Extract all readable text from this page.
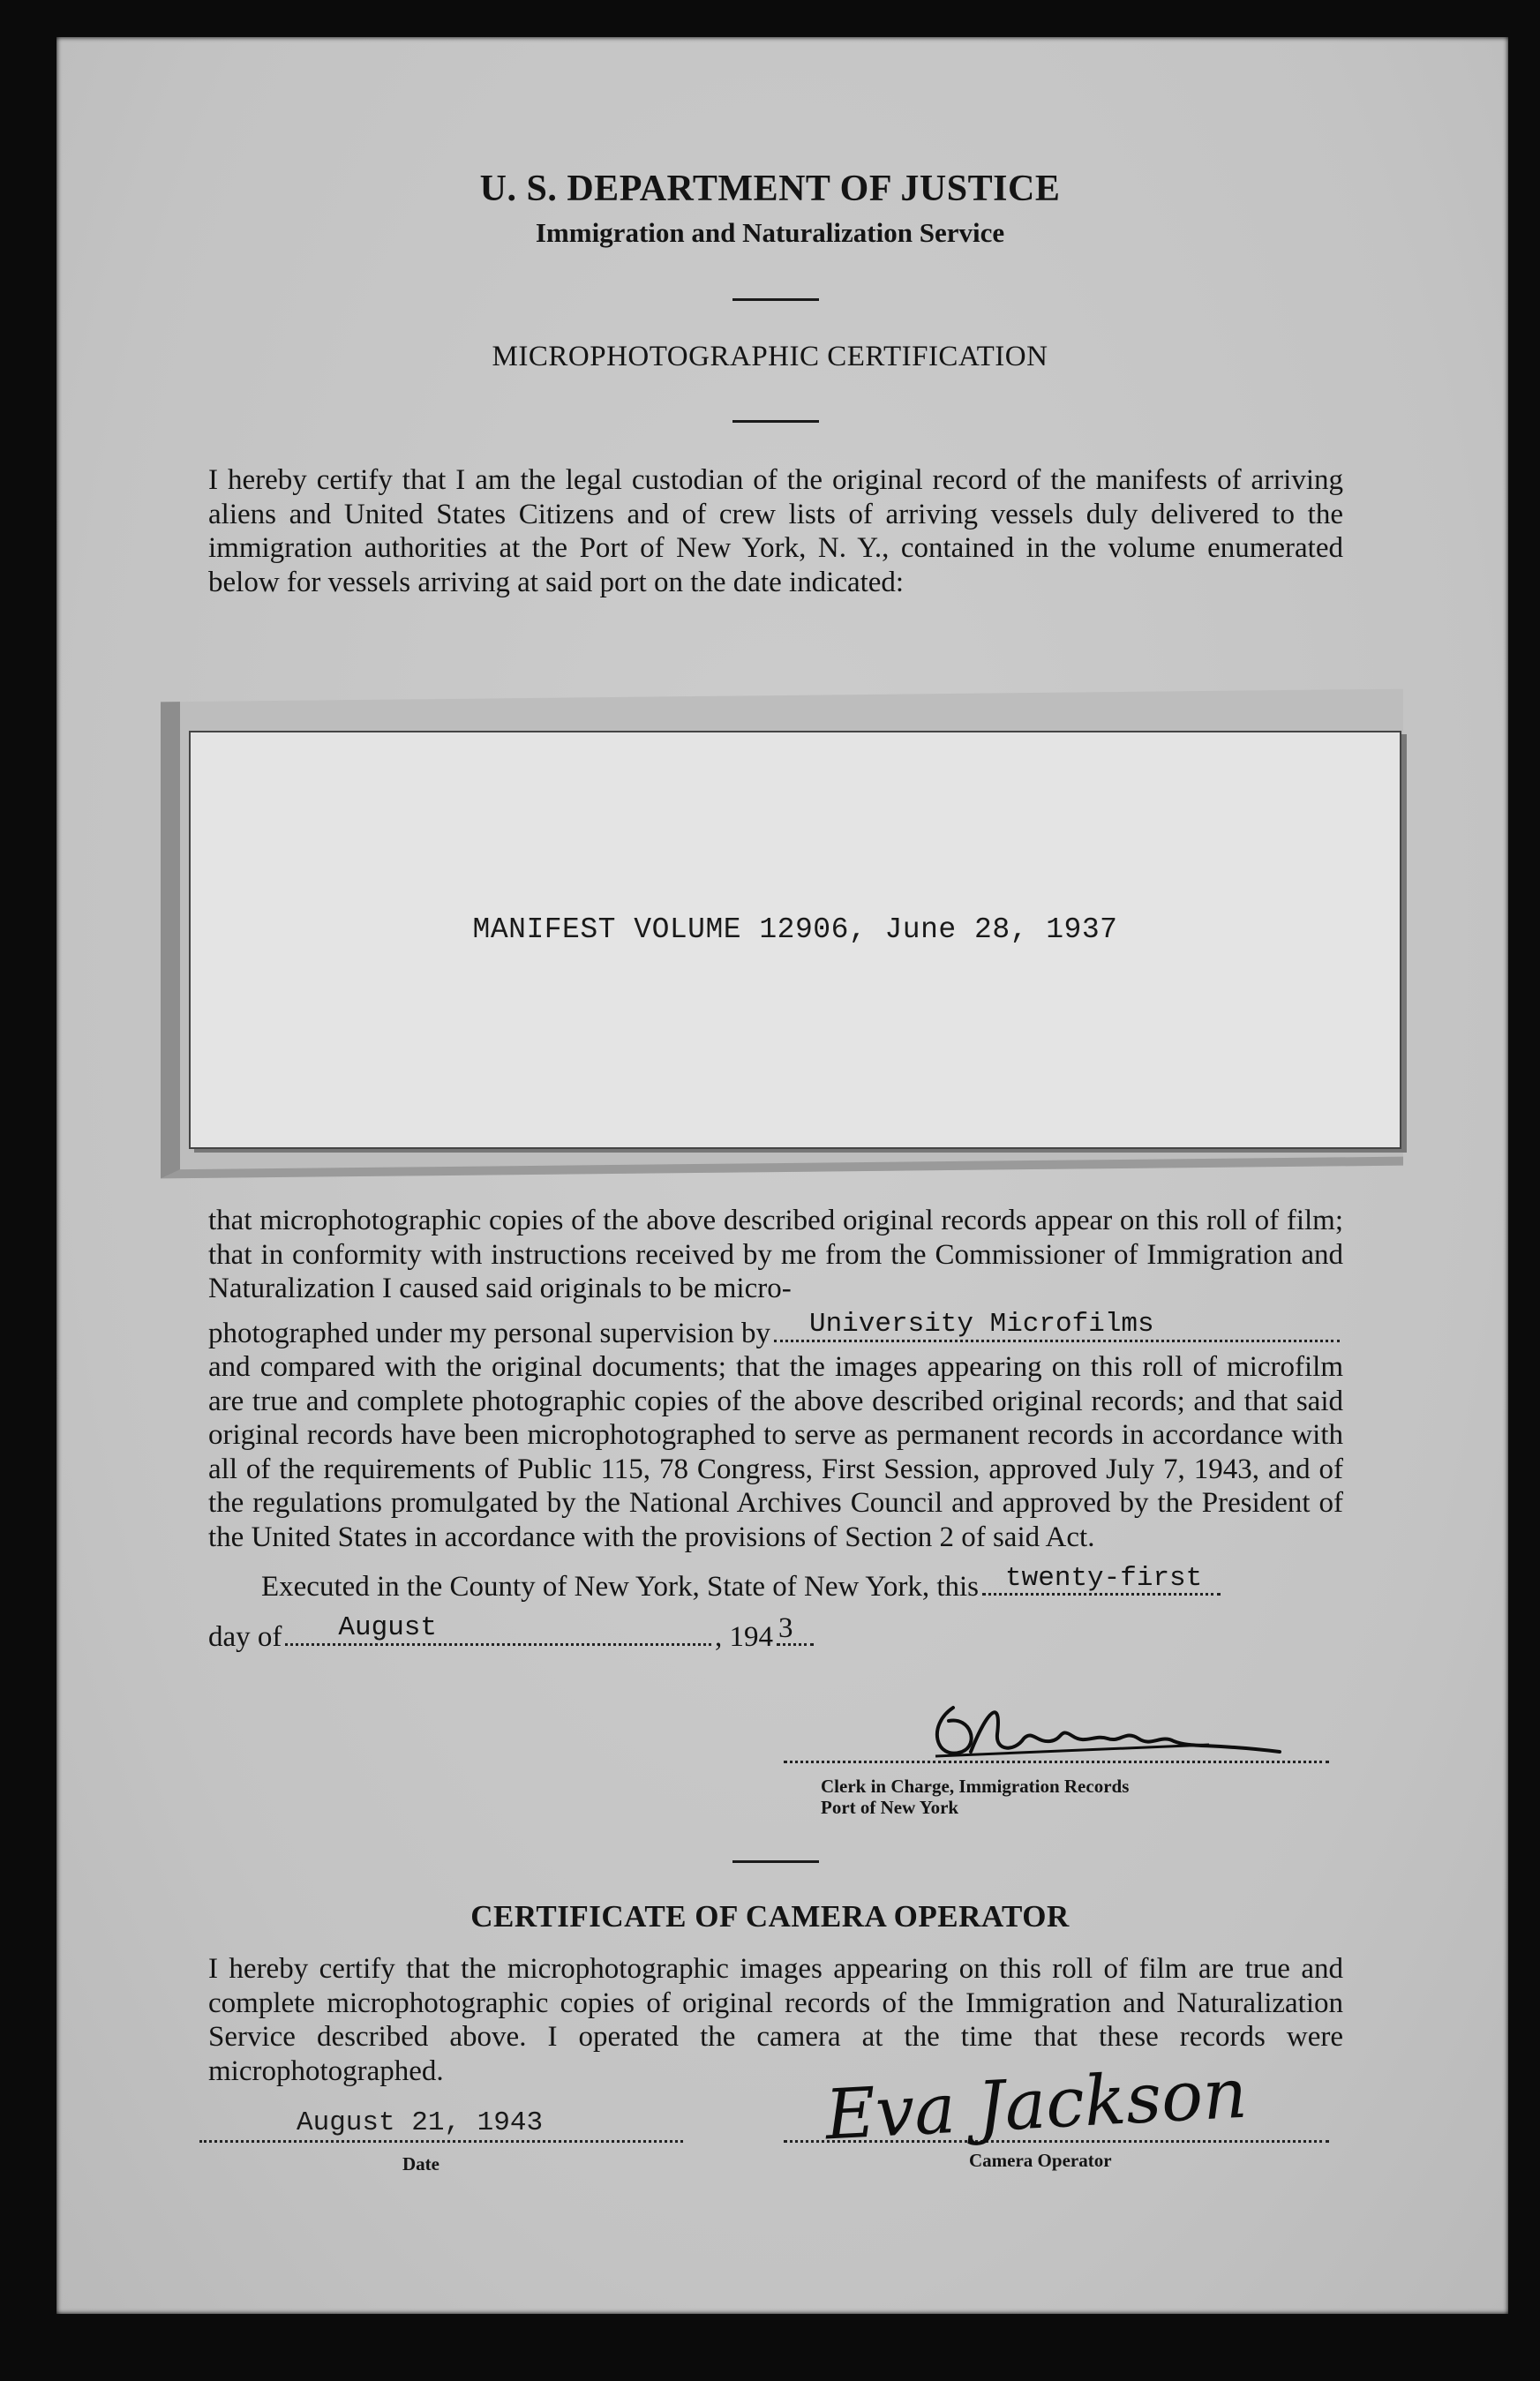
U. S. DEPARTMENT OF JUSTICE
Immigration and Naturalization Service
MICROPHOTOGRAPHIC CERTIFICATION
I hereby certify that I am the legal custodian of the original record of the manifests of arriving aliens and United States Citizens and of crew lists of arriving vessels duly delivered to the immigration authorities at the Port of New York, N. Y., contained in the volume enumerated below for vessels arriving at said port on the date indicated:
MANIFEST VOLUME 12906, June 28, 1937
that microphotographic copies of the above described original records appear on this roll of film; that in conformity with instructions received by me from the Commissioner of Immigration and Naturalization I caused said originals to be micro-
photographed under my personal supervision by University Microfilms
and compared with the original documents; that the images appearing on this roll of microfilm are true and complete photographic copies of the above described original records; and that said original records have been microphotographed to serve as permanent records in accordance with all of the requirements of Public 115, 78 Congress, First Session, approved July 7, 1943, and of the regulations promulgated by the National Archives Council and approved by the President of the United States in accordance with the provisions of Section 2 of said Act.
Executed in the County of New York, State of New York, this twenty-first
day of August	, 194 3
Clerk in Charge, Immigration Records
Port of New York
CERTIFICATE OF CAMERA OPERATOR
I hereby certify that the microphotographic images appearing on this roll of film are true and complete microphotographic copies of original records of the Immigration and Naturalization Service described above. I operated the camera at the time that these records were microphotographed.
August 21, 1943
Date
Eva Jackson
Camera Operator
